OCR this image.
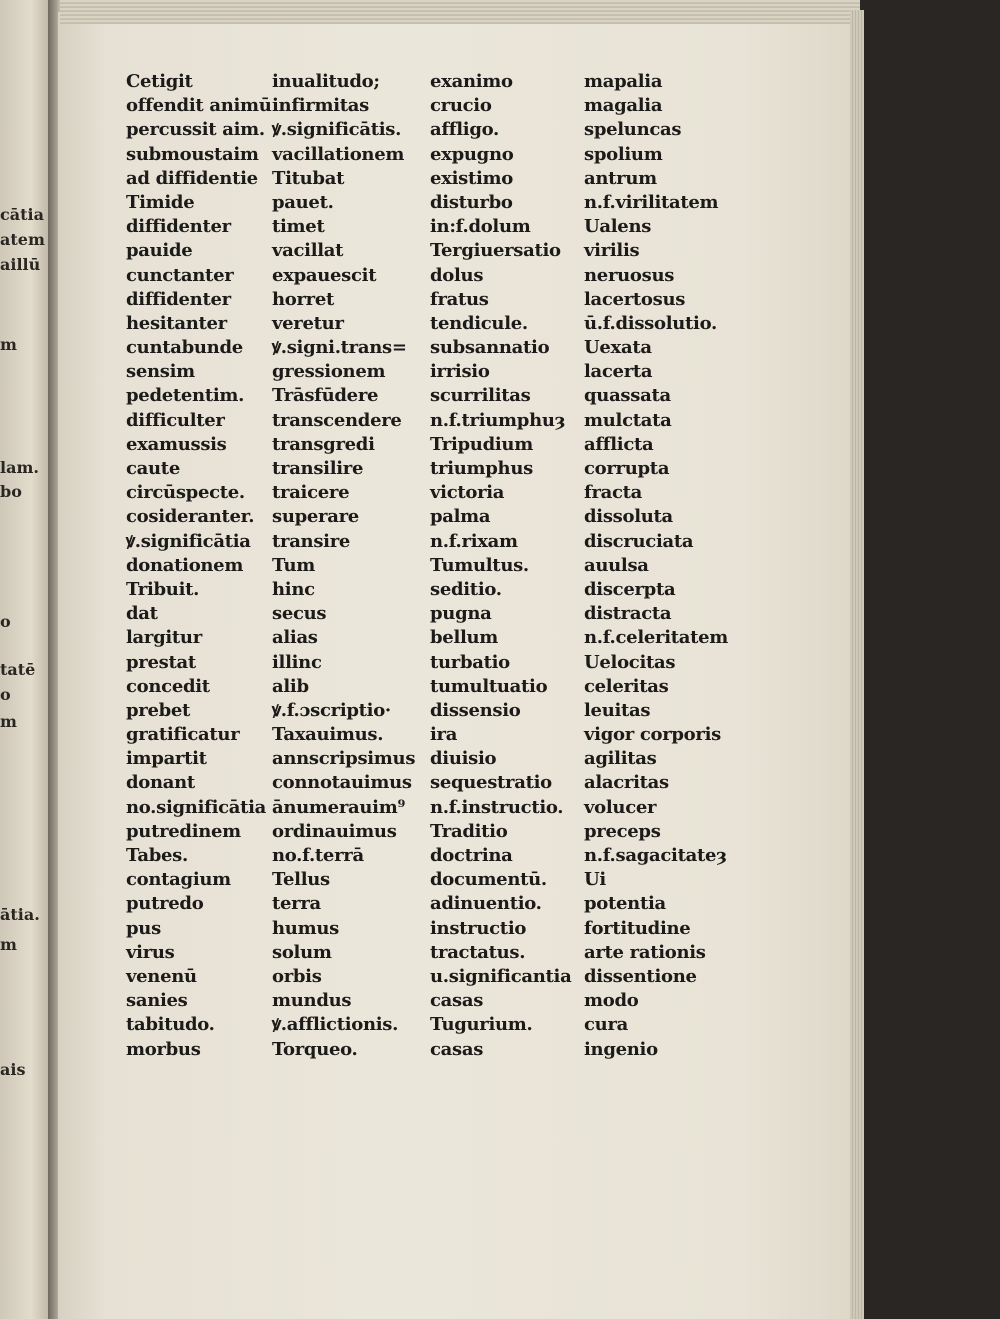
cātia
atem
aillū
m
lam.
bo
o
tatē
o
m
ātia.
m
ais
Cetigit
offendit animū
percussit aim.
submoustaim
ad diffidentie
Timide
diffidenter
pauide
cunctanter
diffidenter
hesitanter
cuntabunde
sensim
pedetentim.
difficulter
examussis
caute
circūspecte.
cosideranter.
ꝟ.significātia
donationem
Tribuit.
dat
largitur
prestat
concedit
prebet
gratificatur
impartit
donant
no.significātia
putredinem
Tabes.
contagium
putredo
pus
virus
venenū
sanies
tabitudo.
morbus
inualitudo;
infirmitas
ꝟ.significātis.
vacillationem
Titubat
pauet.
timet
vacillat
expauescit
horret
veretur
ꝟ.signi.trans=
gressionem
Trāsfūdere
transcendere
transgredi
transilire
traicere
superare
transire
Tum
hinc
secus
alias
illinc
alib
ꝟ.f.ɔscriptio·
Taxauimus.
annscripsimus
connotauimus
ānumerauim⁹
ordinauimus
no.f.terrā
Tellus
terra
humus
solum
orbis
mundus
ꝟ.afflictionis.
Torqueo.
exanimo
crucio
affligo.
expugno
existimo
disturbo
in:f.dolum
Tergiuersatio
dolus
fratus
tendicule.
subsannatio
irrisio
scurrilitas
n.f.triumphuȝ
Tripudium
triumphus
victoria
palma
n.f.rixam
Tumultus.
seditio.
pugna
bellum
turbatio
tumultuatio
dissensio
ira
diuisio
sequestratio
n.f.instructio.
Traditio
doctrina
documentū.
adinuentio.
instructio
tractatus.
u.significantia
casas
Tugurium.
casas
mapalia
magalia
speluncas
spolium
antrum
n.f.virilitatem
Ualens
virilis
neruosus
lacertosus
ū.f.dissolutio.
Uexata
lacerta
quassata
mulctata
afflicta
corrupta
fracta
dissoluta
discruciata
auulsa
discerpta
distracta
n.f.celeritatem
Uelocitas
celeritas
leuitas
vigor corporis
agilitas
alacritas
volucer
preceps
n.f.sagacitateȝ
Ui
potentia
fortitudine
arte rationis
dissentione
modo
cura
ingenio
